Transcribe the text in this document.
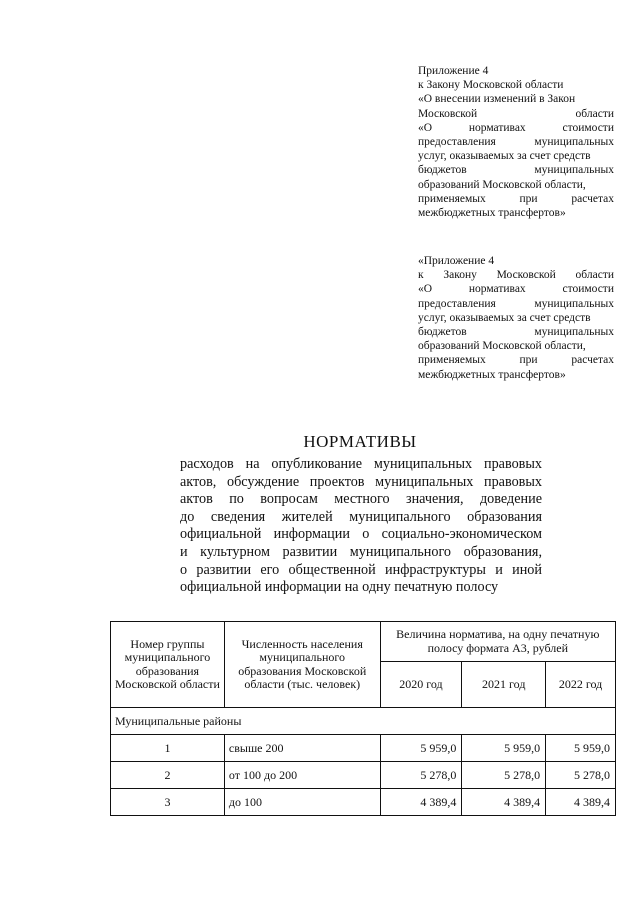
Приложение 4
к Закону Московской области
«О внесении изменений в Закон
Московской области
«О нормативах стоимости
предоставления муниципальных
услуг, оказываемых за счет средств
бюджетов муниципальных
образований Московской области,
применяемых при расчетах
межбюджетных трансфертов»
«Приложение 4
к Закону Московской области
«О нормативах стоимости
предоставления муниципальных
услуг, оказываемых за счет средств
бюджетов муниципальных
образований Московской области,
применяемых при расчетах
межбюджетных трансфертов»
НОРМАТИВЫ
расходов на опубликование муниципальных правовых
актов, обсуждение проектов муниципальных правовых
актов по вопросам местного значения, доведение
до сведения жителей муниципального образования
официальной информации о социально-экономическом
и культурном развитии муниципального образования,
о развитии его общественной инфраструктуры и иной
официальной информации на одну печатную полосу
Номер группы муниципального образования Московской области	Численность населения муниципального образования Московской области (тыс. человек)	Величина норматива, на одну печатную полосу формата А3, рублей		
		2020 год	2021 год	2022 год
Муниципальные районы				
1	свыше 200	5 959,0	5 959,0	5 959,0
2	от 100 до 200	5 278,0	5 278,0	5 278,0
3	до 100	4 389,4	4 389,4	4 389,4
